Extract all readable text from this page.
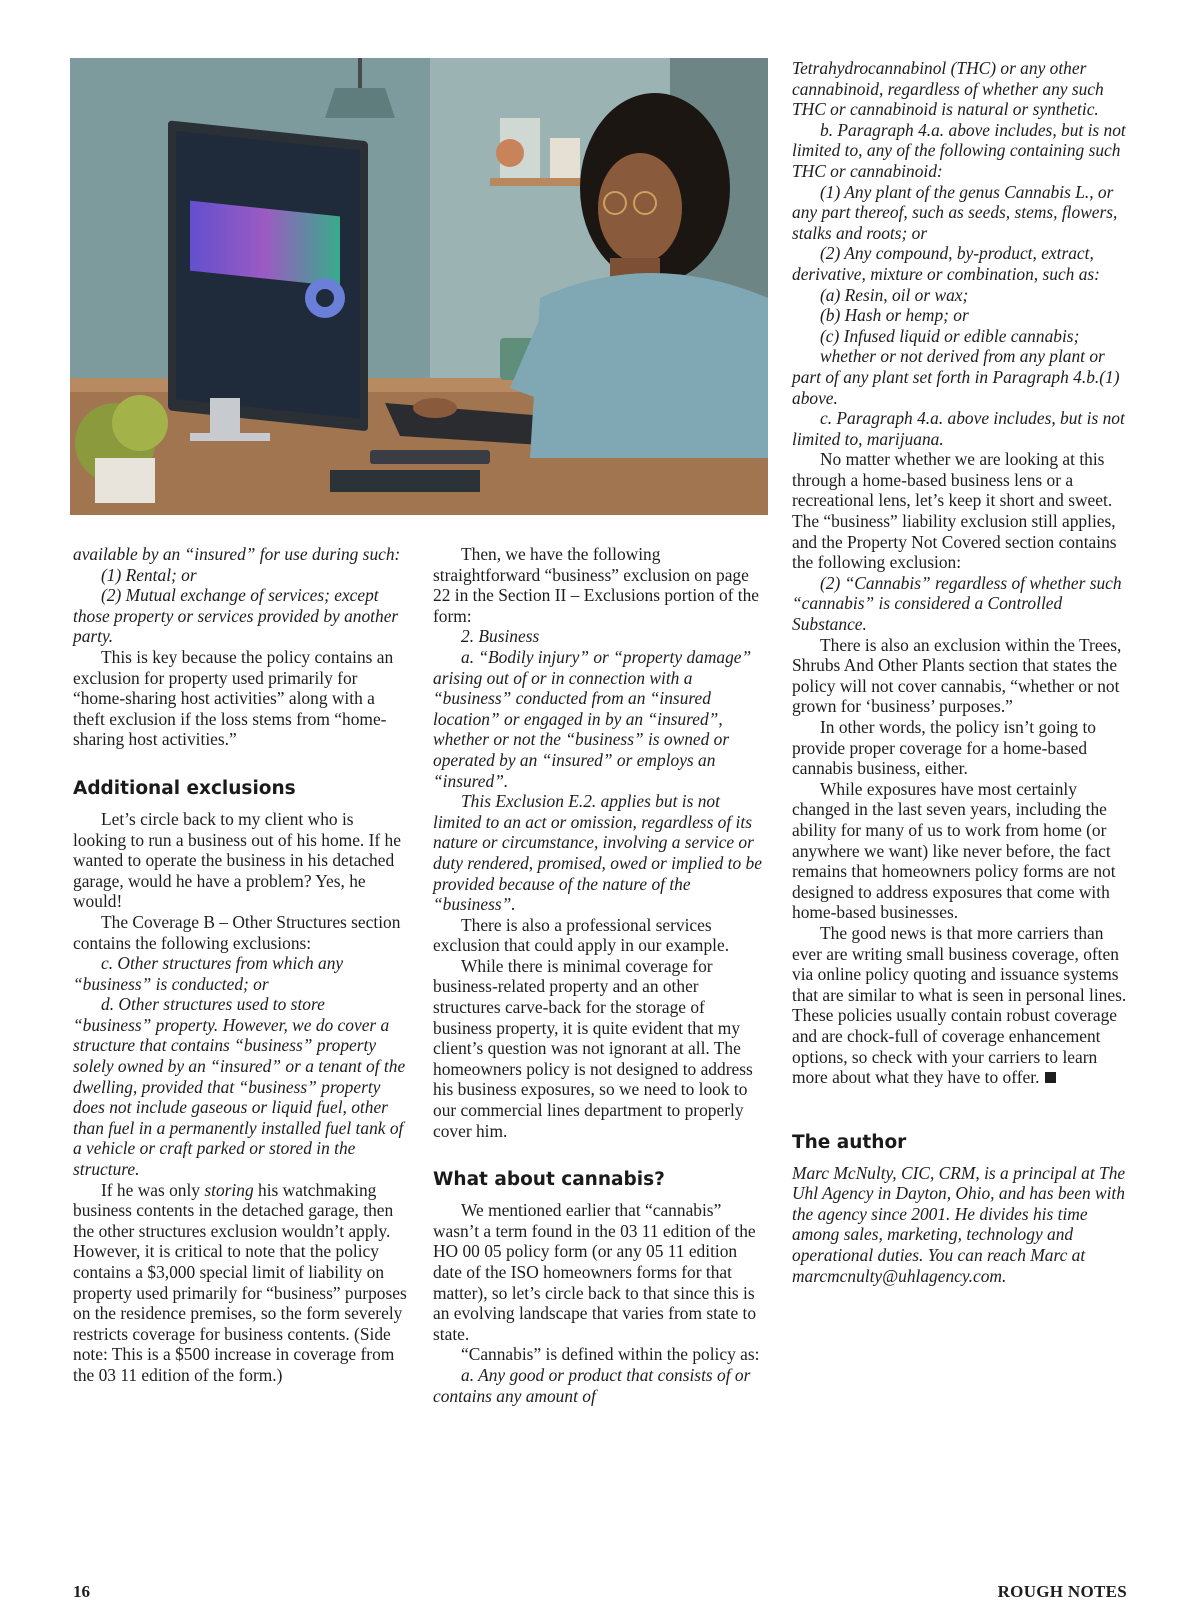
available by an “insured” for use during such:

(1) Rental; or

(2) Mutual exchange of services; except those property or services provided by another party.

This is key because the policy contains an exclusion for property used primarily for “home-sharing host activities” along with a theft exclusion if the loss stems from “home-sharing host activities.”

Additional exclusions

Let’s circle back to my client who is looking to run a business out of his home. If he wanted to operate the business in his detached garage, would he have a problem? Yes, he would!

The Coverage B – Other Structures section contains the following exclusions:

c. Other structures from which any “business” is conducted; or

d. Other structures used to store “business” property. However, we do cover a structure that contains “business” property solely owned by an “insured” or a tenant of the dwelling, provided that “business” property does not include gaseous or liquid fuel, other than fuel in a permanently installed fuel tank of a vehicle or craft parked or stored in the structure.

If he was only storing his watchmaking business contents in the detached garage, then the other structures exclusion wouldn’t apply. However, it is critical to note that the policy contains a $3,000 special limit of liability on property used primarily for “business” purposes on the residence premises, so the form severely restricts coverage for business contents. (Side note: This is a $500 increase in coverage from the 03 11 edition of the form.)

Then, we have the following straightforward “business” exclusion on page 22 in the Section II – Exclusions portion of the form:

2. Business

a. “Bodily injury” or “property damage” arising out of or in connection with a “business” conducted from an “insured location” or engaged in by an “insured”, whether or not the “business” is owned or operated by an “insured” or employs an “insured”.

This Exclusion E.2. applies but is not limited to an act or omission, regardless of its nature or circumstance, involving a service or duty rendered, promised, owed or implied to be provided because of the nature of the “business”.

There is also a professional services exclusion that could apply in our example.

While there is minimal coverage for business-related property and an other structures carve-back for the storage of business property, it is quite evident that my client’s question was not ignorant at all. The homeowners policy is not designed to address his business exposures, so we need to look to our commercial lines department to properly cover him.

What about cannabis?

We mentioned earlier that “cannabis” wasn’t a term found in the 03 11 edition of the HO 00 05 policy form (or any 05 11 edition date of the ISO homeowners forms for that matter), so let’s circle back to that since this is an evolving landscape that varies from state to state.

“Cannabis” is defined within the policy as:

a. Any good or product that consists of or contains any amount of

Tetrahydrocannabinol (THC) or any other cannabinoid, regardless of whether any such THC or cannabinoid is natural or synthetic.

b. Paragraph 4.a. above includes, but is not limited to, any of the following containing such THC or cannabinoid:

(1) Any plant of the genus Cannabis L., or any part thereof, such as seeds, stems, flowers, stalks and roots; or

(2) Any compound, by-product, extract, derivative, mixture or combination, such as:

(a) Resin, oil or wax;

(b) Hash or hemp; or

(c) Infused liquid or edible cannabis;

whether or not derived from any plant or part of any plant set forth in Paragraph 4.b.(1) above.

c. Paragraph 4.a. above includes, but is not limited to, marijuana.

No matter whether we are looking at this through a home-based business lens or a recreational lens, let’s keep it short and sweet. The “business” liability exclusion still applies, and the Property Not Covered section contains the following exclusion:

(2) “Cannabis” regardless of whether such “cannabis” is considered a Controlled Substance.

There is also an exclusion within the Trees, Shrubs And Other Plants section that states the policy will not cover cannabis, “whether or not grown for ‘business’ purposes.”

In other words, the policy isn’t going to provide proper coverage for a home-based cannabis business, either.

While exposures have most certainly changed in the last seven years, including the ability for many of us to work from home (or anywhere we want) like never before, the fact remains that homeowners policy forms are not designed to address exposures that come with home-based businesses.

The good news is that more carriers than ever are writing small business coverage, often via online policy quoting and issuance systems that are similar to what is seen in personal lines. These policies usually contain robust coverage and are chock-full of coverage enhancement options, so check with your carriers to learn more about what they have to offer.

The author

Marc McNulty, CIC, CRM, is a principal at The Uhl Agency in Dayton, Ohio, and has been with the agency since 2001. He divides his time among sales, marketing, technology and operational duties. You can reach Marc at marcmcnulty@uhlagency.com.

16	ROUGH NOTES
